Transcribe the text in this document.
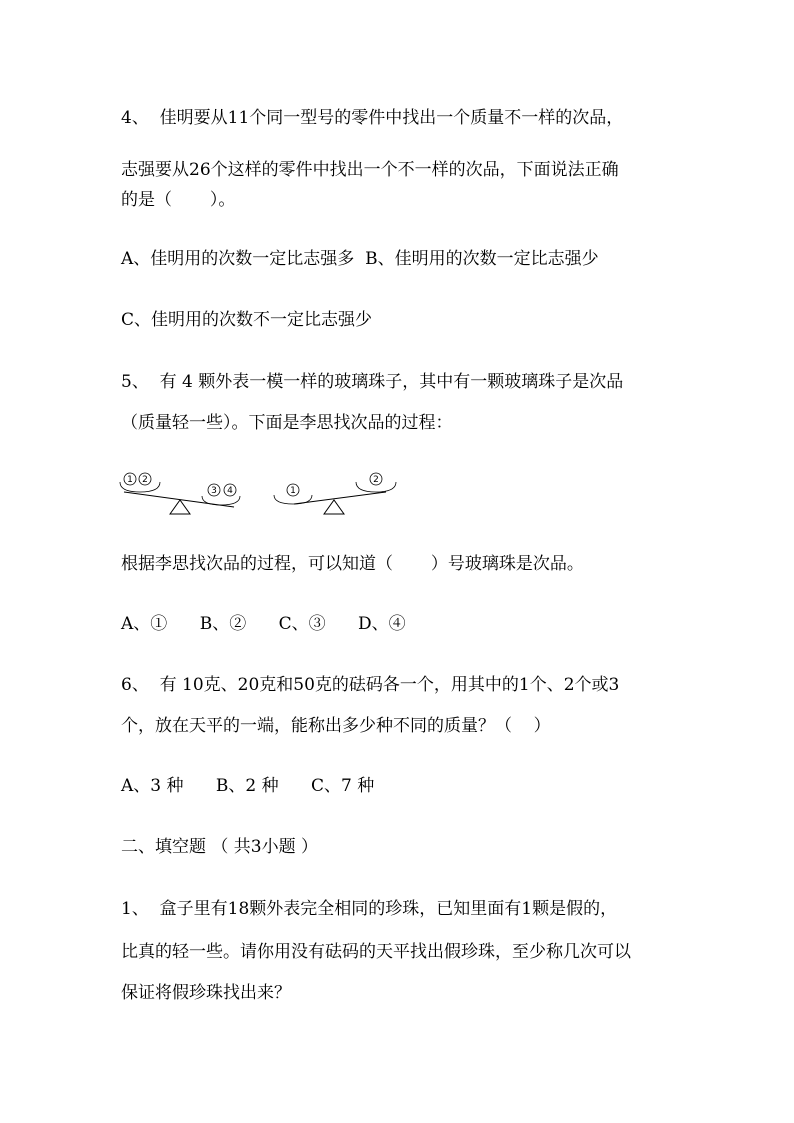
4、  佳明要从11个同一型号的零件中找出一个质量不一样的次品，
志强要从26个这样的零件中找出一个不一样的次品，下面说法正确
的是（       ）。
A、佳明用的次数一定比志强多  B、佳明用的次数一定比志强少
C、佳明用的次数不一定比志强少
5、  有 4 颗外表一模一样的玻璃珠子，其中有一颗玻璃珠子是次品
（质量轻一些）。下面是李思找次品的过程：
1 2
3 4	1
2
根据李思找次品的过程，可以知道（       ）号玻璃珠是次品。
A、①      B、②      C、③      D、④
6、  有 10克、20克和50克的砝码各一个，用其中的1个、2个或3
个，放在天平的一端，能称出多少种不同的质量？（    ）
A、3 种      B、2 种      C、7 种
二、填空题 （ 共3小题 ）
1、  盒子里有18颗外表完全相同的珍珠，已知里面有1颗是假的，
比真的轻一些。请你用没有砝码的天平找出假珍珠，至少称几次可以
保证将假珍珠找出来？
